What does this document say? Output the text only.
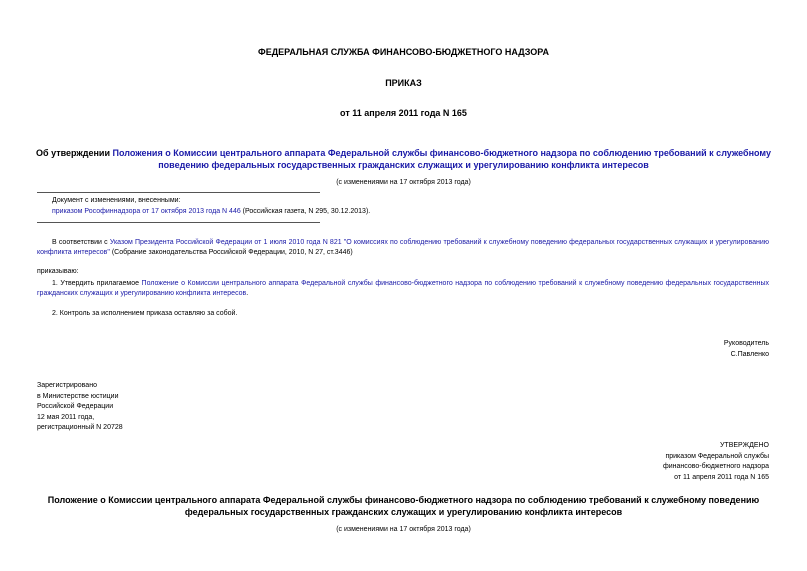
ФЕДЕРАЛЬНАЯ СЛУЖБА ФИНАНСОВО-БЮДЖЕТНОГО НАДЗОРА
ПРИКАЗ
от 11 апреля 2011 года N 165
Об утверждении Положения о Комиссии центрального аппарата Федеральной службы финансово-бюджетного надзора по соблюдению требований к служебному поведению федеральных государственных гражданских служащих и урегулированию конфликта интересов
(с изменениями на 17 октября 2013 года)
Документ с изменениями, внесенными:
приказом Рософиннадзора от 17 октября 2013 года N 446 (Российская газета, N 295, 30.12.2013).
В соответствии с Указом Президента Российской Федерации от 1 июля 2010 года N 821 "О комиссиях по соблюдению требований к служебному поведению федеральных государственных служащих и урегулированию конфликта интересов" (Собрание законодательства Российской Федерации, 2010, N 27, ст.3446)
приказываю:
1. Утвердить прилагаемое Положение о Комиссии центрального аппарата Федеральной службы финансово-бюджетного надзора по соблюдению требований к служебному поведению федеральных государственных гражданских служащих и урегулированию конфликта интересов.
2. Контроль за исполнением приказа оставляю за собой.
Руководитель
С.Павленко
Зарегистрировано
в Министерстве юстиции
Российской Федерации
12 мая 2011 года,
регистрационный N 20728
УТВЕРЖДЕНО
приказом Федеральной службы
финансово-бюджетного надзора
от 11 апреля 2011 года N 165
Положение о Комиссии центрального аппарата Федеральной службы финансово-бюджетного надзора по соблюдению требований к служебному поведению федеральных государственных гражданских служащих и урегулированию конфликта интересов
(с изменениями на 17 октября 2013 года)
